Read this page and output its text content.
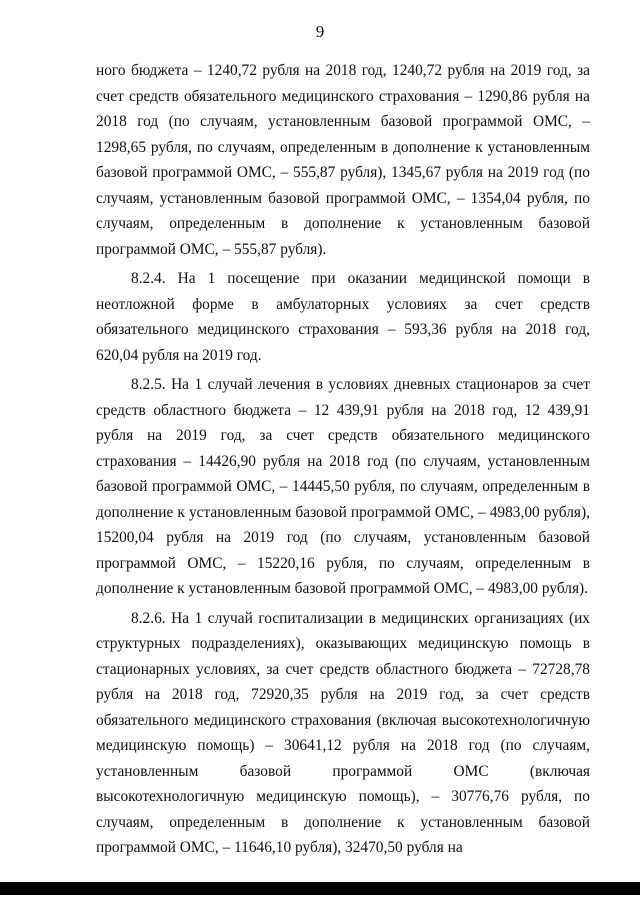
9

ного бюджета – 1240,72 рубля на 2018 год, 1240,72 рубля на 2019 год, за счет средств обязательного медицинского страхования – 1290,86 рубля на 2018 год (по случаям, установленным базовой программой ОМС, – 1298,65 рубля, по случаям, определенным в дополнение к установленным базовой программой ОМС, – 555,87 рубля), 1345,67 рубля на 2019 год (по случаям, установленным базовой программой ОМС, – 1354,04 рубля, по случаям, определенным в дополнение к установленным базовой программой ОМС, – 555,87 рубля).

8.2.4. На 1 посещение при оказании медицинской помощи в неотложной форме в амбулаторных условиях за счет средств обязательного медицинского страхования – 593,36 рубля на 2018 год, 620,04 рубля на 2019 год.

8.2.5. На 1 случай лечения в условиях дневных стационаров за счет средств областного бюджета – 12 439,91 рубля на 2018 год, 12 439,91 рубля на 2019 год, за счет средств обязательного медицинского страхования – 14426,90 рубля на 2018 год (по случаям, установленным базовой программой ОМС, – 14445,50 рубля, по случаям, определенным в дополнение к установленным базовой программой ОМС, – 4983,00 рубля), 15200,04 рубля на 2019 год (по случаям, установленным базовой программой ОМС, – 15220,16 рубля, по случаям, определенным в дополнение к установленным базовой программой ОМС, – 4983,00 рубля).

8.2.6. На 1 случай госпитализации в медицинских организациях (их структурных подразделениях), оказывающих медицинскую помощь в стационарных условиях, за счет средств областного бюджета – 72728,78 рубля на 2018 год, 72920,35 рубля на 2019 год, за счет средств обязательного медицинского страхования (включая высокотехнологичную медицинскую помощь) – 30641,12 рубля на 2018 год (по случаям, установленным базовой программой ОМС (включая высокотехнологичную медицинскую помощь), – 30776,76 рубля, по случаям, определенным в дополнение к установленным базовой программой ОМС, – 11646,10 рубля), 32470,50 рубля на
